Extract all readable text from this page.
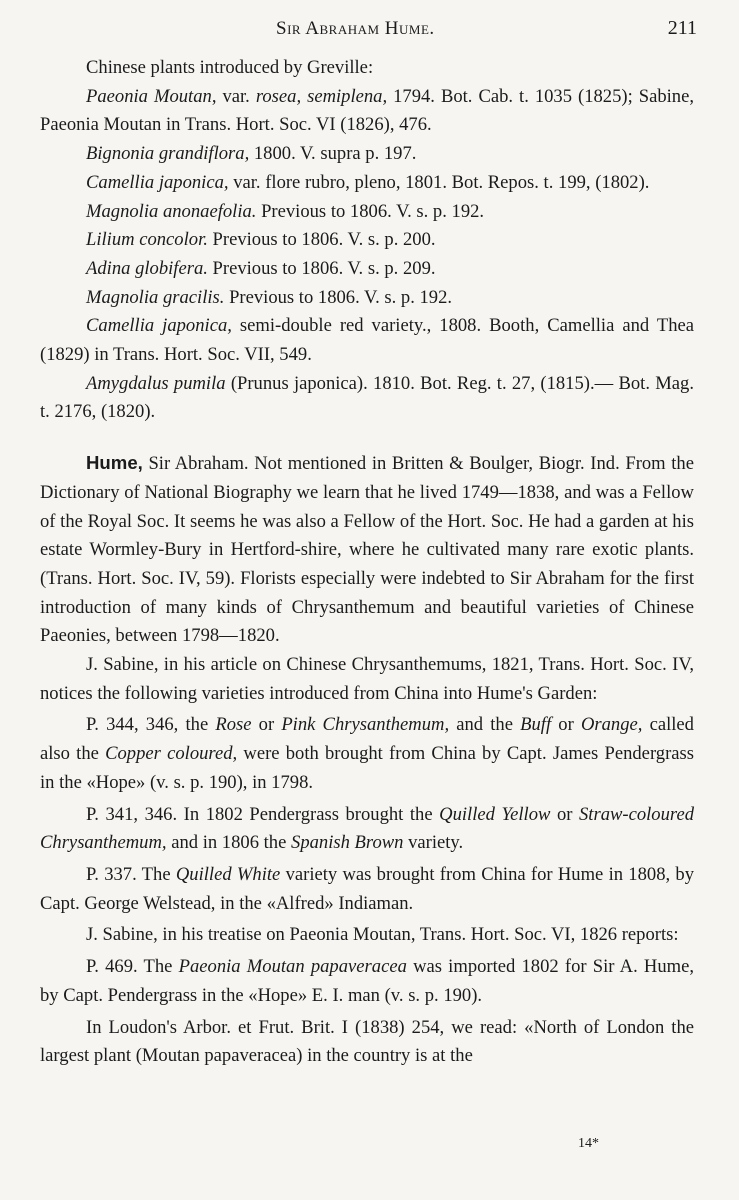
Sir Abraham Hume.	211

Chinese plants introduced by Greville:

Paeonia Moutan, var. rosea, semiplena, 1794. Bot. Cab. t. 1035 (1825); Sabine, Paeonia Moutan in Trans. Hort. Soc. VI (1826), 476.

Bignonia grandiflora, 1800. V. supra p. 197.

Camellia japonica, var. flore rubro, pleno, 1801. Bot. Repos. t. 199, (1802).

Magnolia anonaefolia. Previous to 1806. V. s. p. 192.

Lilium concolor. Previous to 1806. V. s. p. 200.

Adina globifera. Previous to 1806. V. s. p. 209.

Magnolia gracilis. Previous to 1806. V. s. p. 192.

Camellia japonica, semi-double red variety., 1808. Booth, Camellia and Thea (1829) in Trans. Hort. Soc. VII, 549.

Amygdalus pumila (Prunus japonica). 1810. Bot. Reg. t. 27, (1815).— Bot. Mag. t. 2176, (1820).

Hume, Sir Abraham. Not mentioned in Britten & Boulger, Biogr. Ind. From the Dictionary of National Biography we learn that he lived 1749—1838, and was a Fellow of the Royal Soc. It seems he was also a Fellow of the Hort. Soc. He had a garden at his estate Wormley-Bury in Hertford-shire, where he cultivated many rare exotic plants. (Trans. Hort. Soc. IV, 59). Florists especially were indebted to Sir Abraham for the first introduction of many kinds of Chrysanthemum and beautiful varieties of Chinese Paeonies, between 1798—1820.

J. Sabine, in his article on Chinese Chrysanthemums, 1821, Trans. Hort. Soc. IV, notices the following varieties introduced from China into Hume's Garden:

P. 344, 346, the Rose or Pink Chrysanthemum, and the Buff or Orange, called also the Copper coloured, were both brought from China by Capt. James Pendergrass in the «Hope» (v. s. p. 190), in 1798.

P. 341, 346. In 1802 Pendergrass brought the Quilled Yellow or Straw-coloured Chrysanthemum, and in 1806 the Spanish Brown variety.

P. 337. The Quilled White variety was brought from China for Hume in 1808, by Capt. George Welstead, in the «Alfred» Indiaman.

J. Sabine, in his treatise on Paeonia Moutan, Trans. Hort. Soc. VI, 1826 reports:

P. 469. The Paeonia Moutan papaveracea was imported 1802 for Sir A. Hume, by Capt. Pendergrass in the «Hope» E. I. man (v. s. p. 190).

In Loudon's Arbor. et Frut. Brit. I (1838) 254, we read: «North of London the largest plant (Moutan papaveracea) in the country is at the

14*
